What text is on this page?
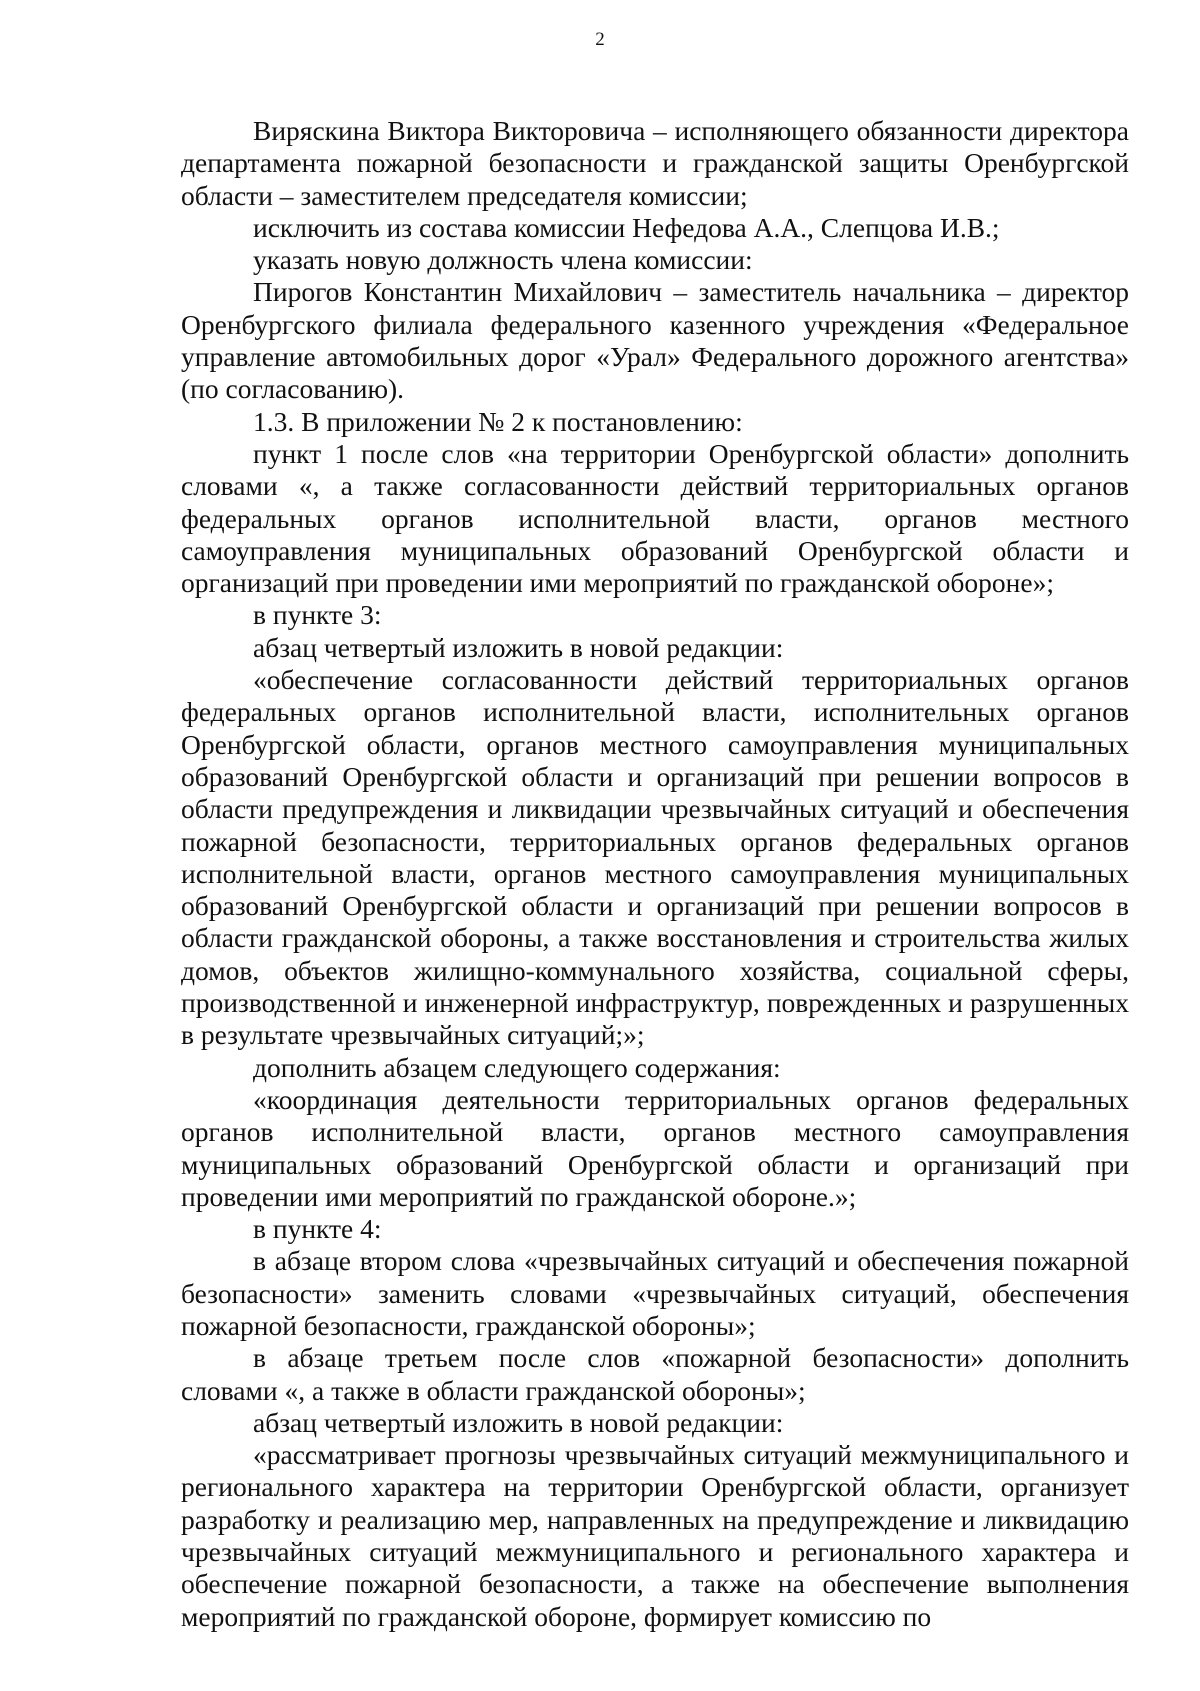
2

Виряскина Виктора Викторовича – исполняющего обязанности директора департамента пожарной безопасности и гражданской защиты Оренбургской области – заместителем председателя комиссии;

исключить из состава комиссии Нефедова А.А., Слепцова И.В.;

указать новую должность члена комиссии:

Пирогов Константин Михайлович – заместитель начальника – директор Оренбургского филиала федерального казенного учреждения «Федеральное управление автомобильных дорог «Урал» Федерального дорожного агентства» (по согласованию).

1.3. В приложении № 2 к постановлению:

пункт 1 после слов «на территории Оренбургской области» дополнить словами «, а также согласованности действий территориальных органов федеральных органов исполнительной власти, органов местного самоуправления муниципальных образований Оренбургской области и организаций при проведении ими мероприятий по гражданской обороне»;

в пункте 3:

абзац четвертый изложить в новой редакции:

«обеспечение согласованности действий территориальных органов федеральных органов исполнительной власти, исполнительных органов Оренбургской области, органов местного самоуправления муниципальных образований Оренбургской области и организаций при решении вопросов в области предупреждения и ликвидации чрезвычайных ситуаций и обеспечения пожарной безопасности, территориальных органов федеральных органов исполнительной власти, органов местного самоуправления муниципальных образований Оренбургской области и организаций при решении вопросов в области гражданской обороны, а также восстановления и строительства жилых домов, объектов жилищно-коммунального хозяйства, социальной сферы, производственной и инженерной инфраструктур, поврежденных и разрушенных в результате чрезвычайных ситуаций;»;

дополнить абзацем следующего содержания:

«координация деятельности территориальных органов федеральных органов исполнительной власти, органов местного самоуправления муниципальных образований Оренбургской области и организаций при проведении ими мероприятий по гражданской обороне.»;

в пункте 4:

в абзаце втором слова «чрезвычайных ситуаций и обеспечения пожарной безопасности» заменить словами «чрезвычайных ситуаций, обеспечения пожарной безопасности, гражданской обороны»;

в абзаце третьем после слов «пожарной безопасности» дополнить словами «, а также в области гражданской обороны»;

абзац четвертый изложить в новой редакции:

«рассматривает прогнозы чрезвычайных ситуаций межмуниципального и регионального характера на территории Оренбургской области, организует разработку и реализацию мер, направленных на предупреждение и ликвидацию чрезвычайных ситуаций межмуниципального и регионального характера и обеспечение пожарной безопасности, а также на обеспечение выполнения мероприятий по гражданской обороне, формирует комиссию по
